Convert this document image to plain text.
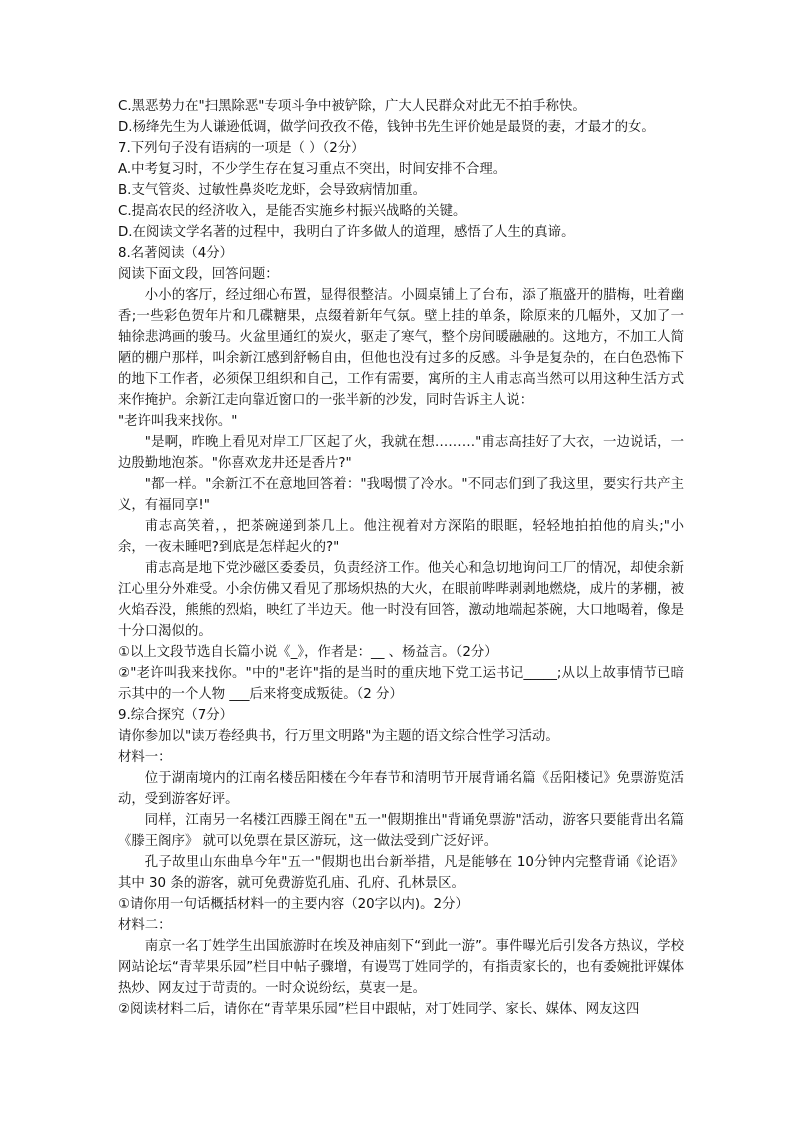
C.黑恶势力在"扫黑除恶"专项斗争中被铲除，广大人民群众对此无不拍手称快。
D.杨绛先生为人谦逊低调，做学问孜孜不倦，钱钟书先生评价她是最贤的妻，才最才的女。
7.下列句子没有语病的一项是（ ）（2分）
A.中考复习时，不少学生存在复习重点不突出，时间安排不合理。
B.支气管炎、过敏性鼻炎吃龙虾，会导致病情加重。
C.提高农民的经济收入，是能否实施乡村振兴战略的关键。
D.在阅读文学名著的过程中，我明白了许多做人的道理，感悟了人生的真谛。
8.名著阅读（4分）
阅读下面文段，回答问题：

小小的客厅，经过细心布置，显得很整洁。小圆桌铺上了台布，添了瓶盛开的腊梅，吐着幽香;一些彩色贺年片和几碟糖果，点缀着新年气氛。壁上挂的单条，除原来的几幅外，又加了一轴徐悲鸿画的骏马。火盆里通红的炭火，驱走了寒气，整个房间暖融融的。这地方，不加工人简陋的棚户那样，叫余新江感到舒畅自由，但他也没有过多的反感。斗争是复杂的，在白色恐怖下的地下工作者，必须保卫组织和自己，工作有需要，寓所的主人甫志高当然可以用这种生活方式来作掩护。余新江走向靠近窗口的一张半新的沙发，同时告诉主人说：

"老许叫我来找你。"

"是啊，昨晚上看见对岸工厂区起了火，我就在想………"甫志高挂好了大衣，一边说话，一边殷勤地泡茶。"你喜欢龙井还是香片?"

"都一样。"余新江不在意地回答着："我喝惯了冷水。"不同志们到了我这里，要实行共产主义，有福同享!"

甫志高笑着，，把茶碗递到茶几上。他注视着对方深陷的眼眶，轻轻地拍拍他的肩头;"小余，一夜未睡吧?到底是怎样起火的?"

甫志高是地下党沙磁区委委员，负责经济工作。他关心和急切地询问工厂的情况，却使余新江心里分外难受。小余仿佛又看见了那场炽热的大火，在眼前哔哔剥剥地燃烧，成片的茅棚，被火焰吞没，熊熊的烈焰，映红了半边天。他一时没有回答，激动地端起茶碗，大口地喝着，像是十分口渴似的。

①以上文段节选自长篇小说《_》，作者是：__ 、杨益言。（2分）

②"老许叫我来找你。"中的"老许"指的是当时的重庆地下党工运书记_____;从以上故事情节已暗示其中的一个人物 ___后来将变成叛徒。（2 分）

9.综合探究（7分）
请你参加以"读万卷经典书，行万里文明路"为主题的语文综合性学习活动。
材料一：

位于湖南境内的江南名楼岳阳楼在今年春节和清明节开展背诵名篇《岳阳楼记》免票游览活动，受到游客好评。

同样，江南另一名楼江西滕王阁在"五一"假期推出"背诵免票游"活动，游客只要能背出名篇《滕王阁序》 就可以免票在景区游玩，这一做法受到广泛好评。

孔子故里山东曲阜今年"五一"假期也出台新举措，凡是能够在 10分钟内完整背诵《论语》其中 30 条的游客，就可免费游览孔庙、孔府、孔林景区。

①请你用一句话概括材料一的主要内容（20字以内)。2分）

材料二：

南京一名丁姓学生出国旅游时在埃及神庙刻下“到此一游”。事件曝光后引发各方热议，学校网站论坛“青苹果乐园”栏目中帖子骤增，有谩骂丁姓同学的，有指责家长的，也有委婉批评媒体热炒、网友过于苛责的。一时众说纷纭，莫衷一是。

②阅读材料二后，请你在“青苹果乐园”栏目中跟帖，对丁姓同学、家长、媒体、网友这四
